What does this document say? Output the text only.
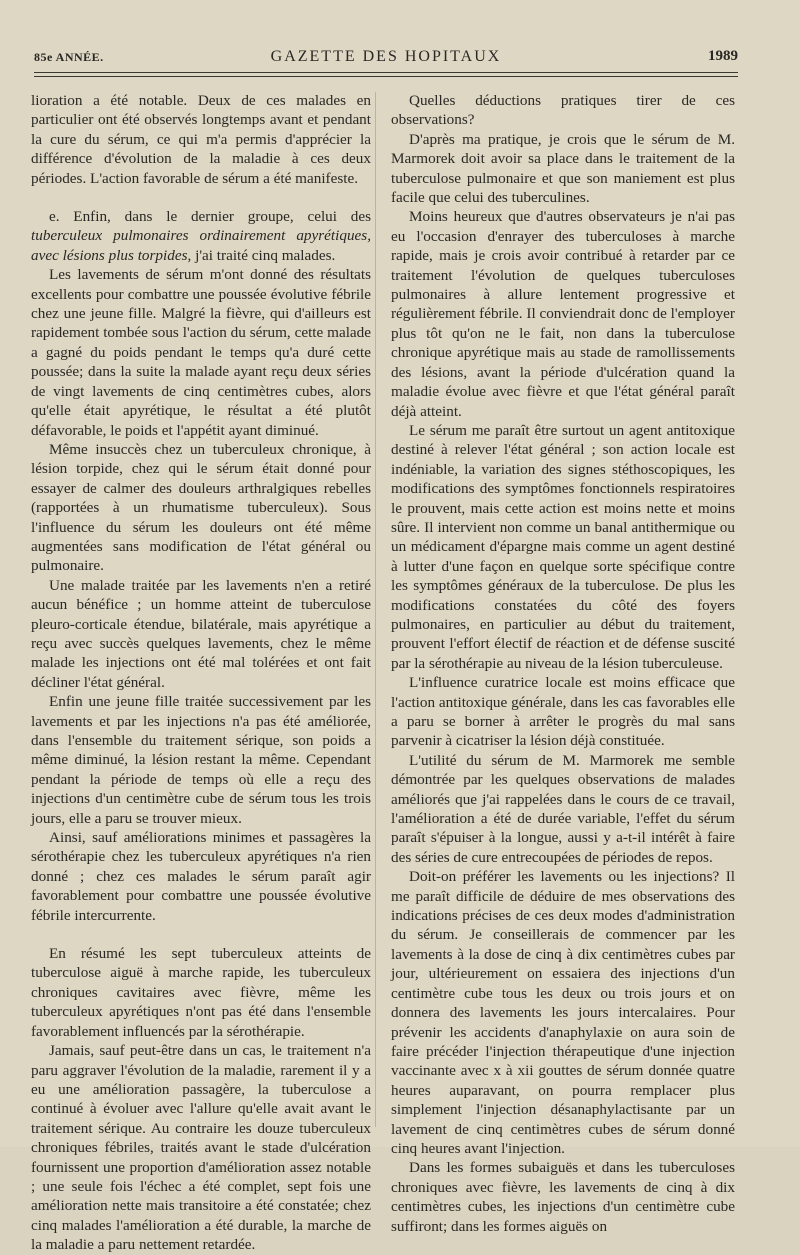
85e ANNÉE.	GAZETTE DES HOPITAUX	1989

lioration a été notable. Deux de ces malades en particulier ont été observés longtemps avant et pendant la cure du sérum, ce qui m'a permis d'apprécier la différence d'évolution de la maladie à ces deux périodes. L'action favorable de sérum a été manifeste.

e. Enfin, dans le dernier groupe, celui des tuberculeux pulmonaires ordinairement apyrétiques, avec lésions plus torpides, j'ai traité cinq malades.

Les lavements de sérum m'ont donné des résultats excellents pour combattre une poussée évolutive fébrile chez une jeune fille. Malgré la fièvre, qui d'ailleurs est rapidement tombée sous l'action du sérum, cette malade a gagné du poids pendant le temps qu'a duré cette poussée; dans la suite la malade ayant reçu deux séries de vingt lavements de cinq centimètres cubes, alors qu'elle était apyrétique, le résultat a été plutôt défavorable, le poids et l'appétit ayant diminué.

Même insuccès chez un tuberculeux chronique, à lésion torpide, chez qui le sérum était donné pour essayer de calmer des douleurs arthralgiques rebelles (rapportées à un rhumatisme tuberculeux). Sous l'influence du sérum les douleurs ont été même augmentées sans modification de l'état général ou pulmonaire.

Une malade traitée par les lavements n'en a retiré aucun bénéfice ; un homme atteint de tuberculose pleuro-corticale étendue, bilatérale, mais apyrétique a reçu avec succès quelques lavements, chez le même malade les injections ont été mal tolérées et ont fait décliner l'état général.

Enfin une jeune fille traitée successivement par les lavements et par les injections n'a pas été améliorée, dans l'ensemble du traitement sérique, son poids a même diminué, la lésion restant la même. Cependant pendant la période de temps où elle a reçu des injections d'un centimètre cube de sérum tous les trois jours, elle a paru se trouver mieux.

Ainsi, sauf améliorations minimes et passagères la sérothérapie chez les tuberculeux apyrétiques n'a rien donné ; chez ces malades le sérum paraît agir favorablement pour combattre une poussée évolutive fébrile intercurrente.

En résumé les sept tuberculeux atteints de tuberculose aiguë à marche rapide, les tuberculeux chroniques cavitaires avec fièvre, même les tuberculeux apyrétiques n'ont pas été dans l'ensemble favorablement influencés par la sérothérapie.

Jamais, sauf peut-être dans un cas, le traitement n'a paru aggraver l'évolution de la maladie, rarement il y a eu une amélioration passagère, la tuberculose a continué à évoluer avec l'allure qu'elle avait avant le traitement sérique. Au contraire les douze tuberculeux chroniques fébriles, traités avant le stade d'ulcération fournissent une proportion d'amélioration assez notable ; une seule fois l'échec a été complet, sept fois une amélioration nette mais transitoire a été constatée; chez cinq malades l'amélioration a été durable, la marche de la maladie a paru nettement retardée.

Quelles déductions pratiques tirer de ces observations?

D'après ma pratique, je crois que le sérum de M. Marmorek doit avoir sa place dans le traitement de la tuberculose pulmonaire et que son maniement est plus facile que celui des tuberculines.

Moins heureux que d'autres observateurs je n'ai pas eu l'occasion d'enrayer des tuberculoses à marche rapide, mais je crois avoir contribué à retarder par ce traitement l'évolution de quelques tuberculoses pulmonaires à allure lentement progressive et régulièrement fébrile. Il conviendrait donc de l'employer plus tôt qu'on ne le fait, non dans la tuberculose chronique apyrétique mais au stade de ramollissements des lésions, avant la période d'ulcération quand la maladie évolue avec fièvre et que l'état général paraît déjà atteint.

Le sérum me paraît être surtout un agent antitoxique destiné à relever l'état général ; son action locale est indéniable, la variation des signes stéthoscopiques, les modifications des symptômes fonctionnels respiratoires le prouvent, mais cette action est moins nette et moins sûre. Il intervient non comme un banal antithermique ou un médicament d'épargne mais comme un agent destiné à lutter d'une façon en quelque sorte spécifique contre les symptômes généraux de la tuberculose. De plus les modifications constatées du côté des foyers pulmonaires, en particulier au début du traitement, prouvent l'effort électif de réaction et de défense suscité par la sérothérapie au niveau de la lésion tuberculeuse.

L'influence curatrice locale est moins efficace que l'action antitoxique générale, dans les cas favorables elle a paru se borner à arrêter le progrès du mal sans parvenir à cicatriser la lésion déjà constituée.

L'utilité du sérum de M. Marmorek me semble démontrée par les quelques observations de malades améliorés que j'ai rappelées dans le cours de ce travail, l'amélioration a été de durée variable, l'effet du sérum paraît s'épuiser à la longue, aussi y a-t-il intérêt à faire des séries de cure entrecoupées de périodes de repos.

Doit-on préférer les lavements ou les injections? Il me paraît difficile de déduire de mes observations des indications précises de ces deux modes d'administration du sérum. Je conseillerais de commencer par les lavements à la dose de cinq à dix centimètres cubes par jour, ultérieurement on essaiera des injections d'un centimètre cube tous les deux ou trois jours et on donnera des lavements les jours intercalaires. Pour prévenir les accidents d'anaphylaxie on aura soin de faire précéder l'injection thérapeutique d'une injection vaccinante avec x à xii gouttes de sérum donnée quatre heures auparavant, on pourra remplacer plus simplement l'injection désanaphylactisante par un lavement de cinq centimètres cubes de sérum donné cinq heures avant l'injection.

Dans les formes subaiguës et dans les tuberculoses chroniques avec fièvre, les lavements de cinq à dix centimètres cubes, les injections d'un centimètre cube suffiront; dans les formes aiguës on
